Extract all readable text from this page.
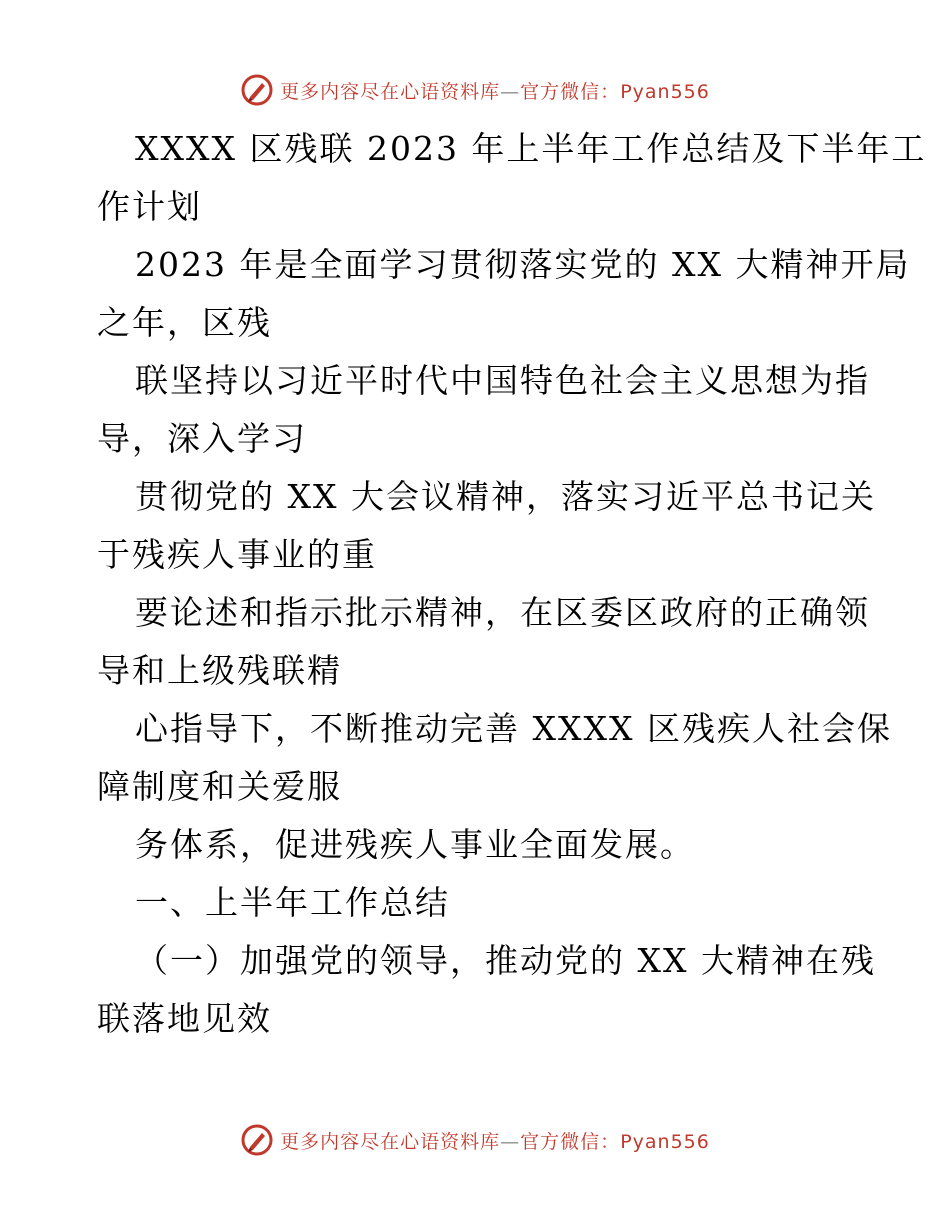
更多内容尽在心语资料库—官方微信：Pyan556
XXXX 区残联 2023 年上半年工作总结及下半年工
作计划
2023 年是全面学习贯彻落实党的 XX 大精神开局
之年，区残
联坚持以习近平时代中国特色社会主义思想为指
导，深入学习
贯彻党的 XX 大会议精神，落实习近平总书记关
于残疾人事业的重
要论述和指示批示精神，在区委区政府的正确领
导和上级残联精
心指导下，不断推动完善 XXXX 区残疾人社会保
障制度和关爱服
务体系，促进残疾人事业全面发展。
一、上半年工作总结
（一）加强党的领导，推动党的 XX 大精神在残
联落地见效
更多内容尽在心语资料库—官方微信：Pyan556
